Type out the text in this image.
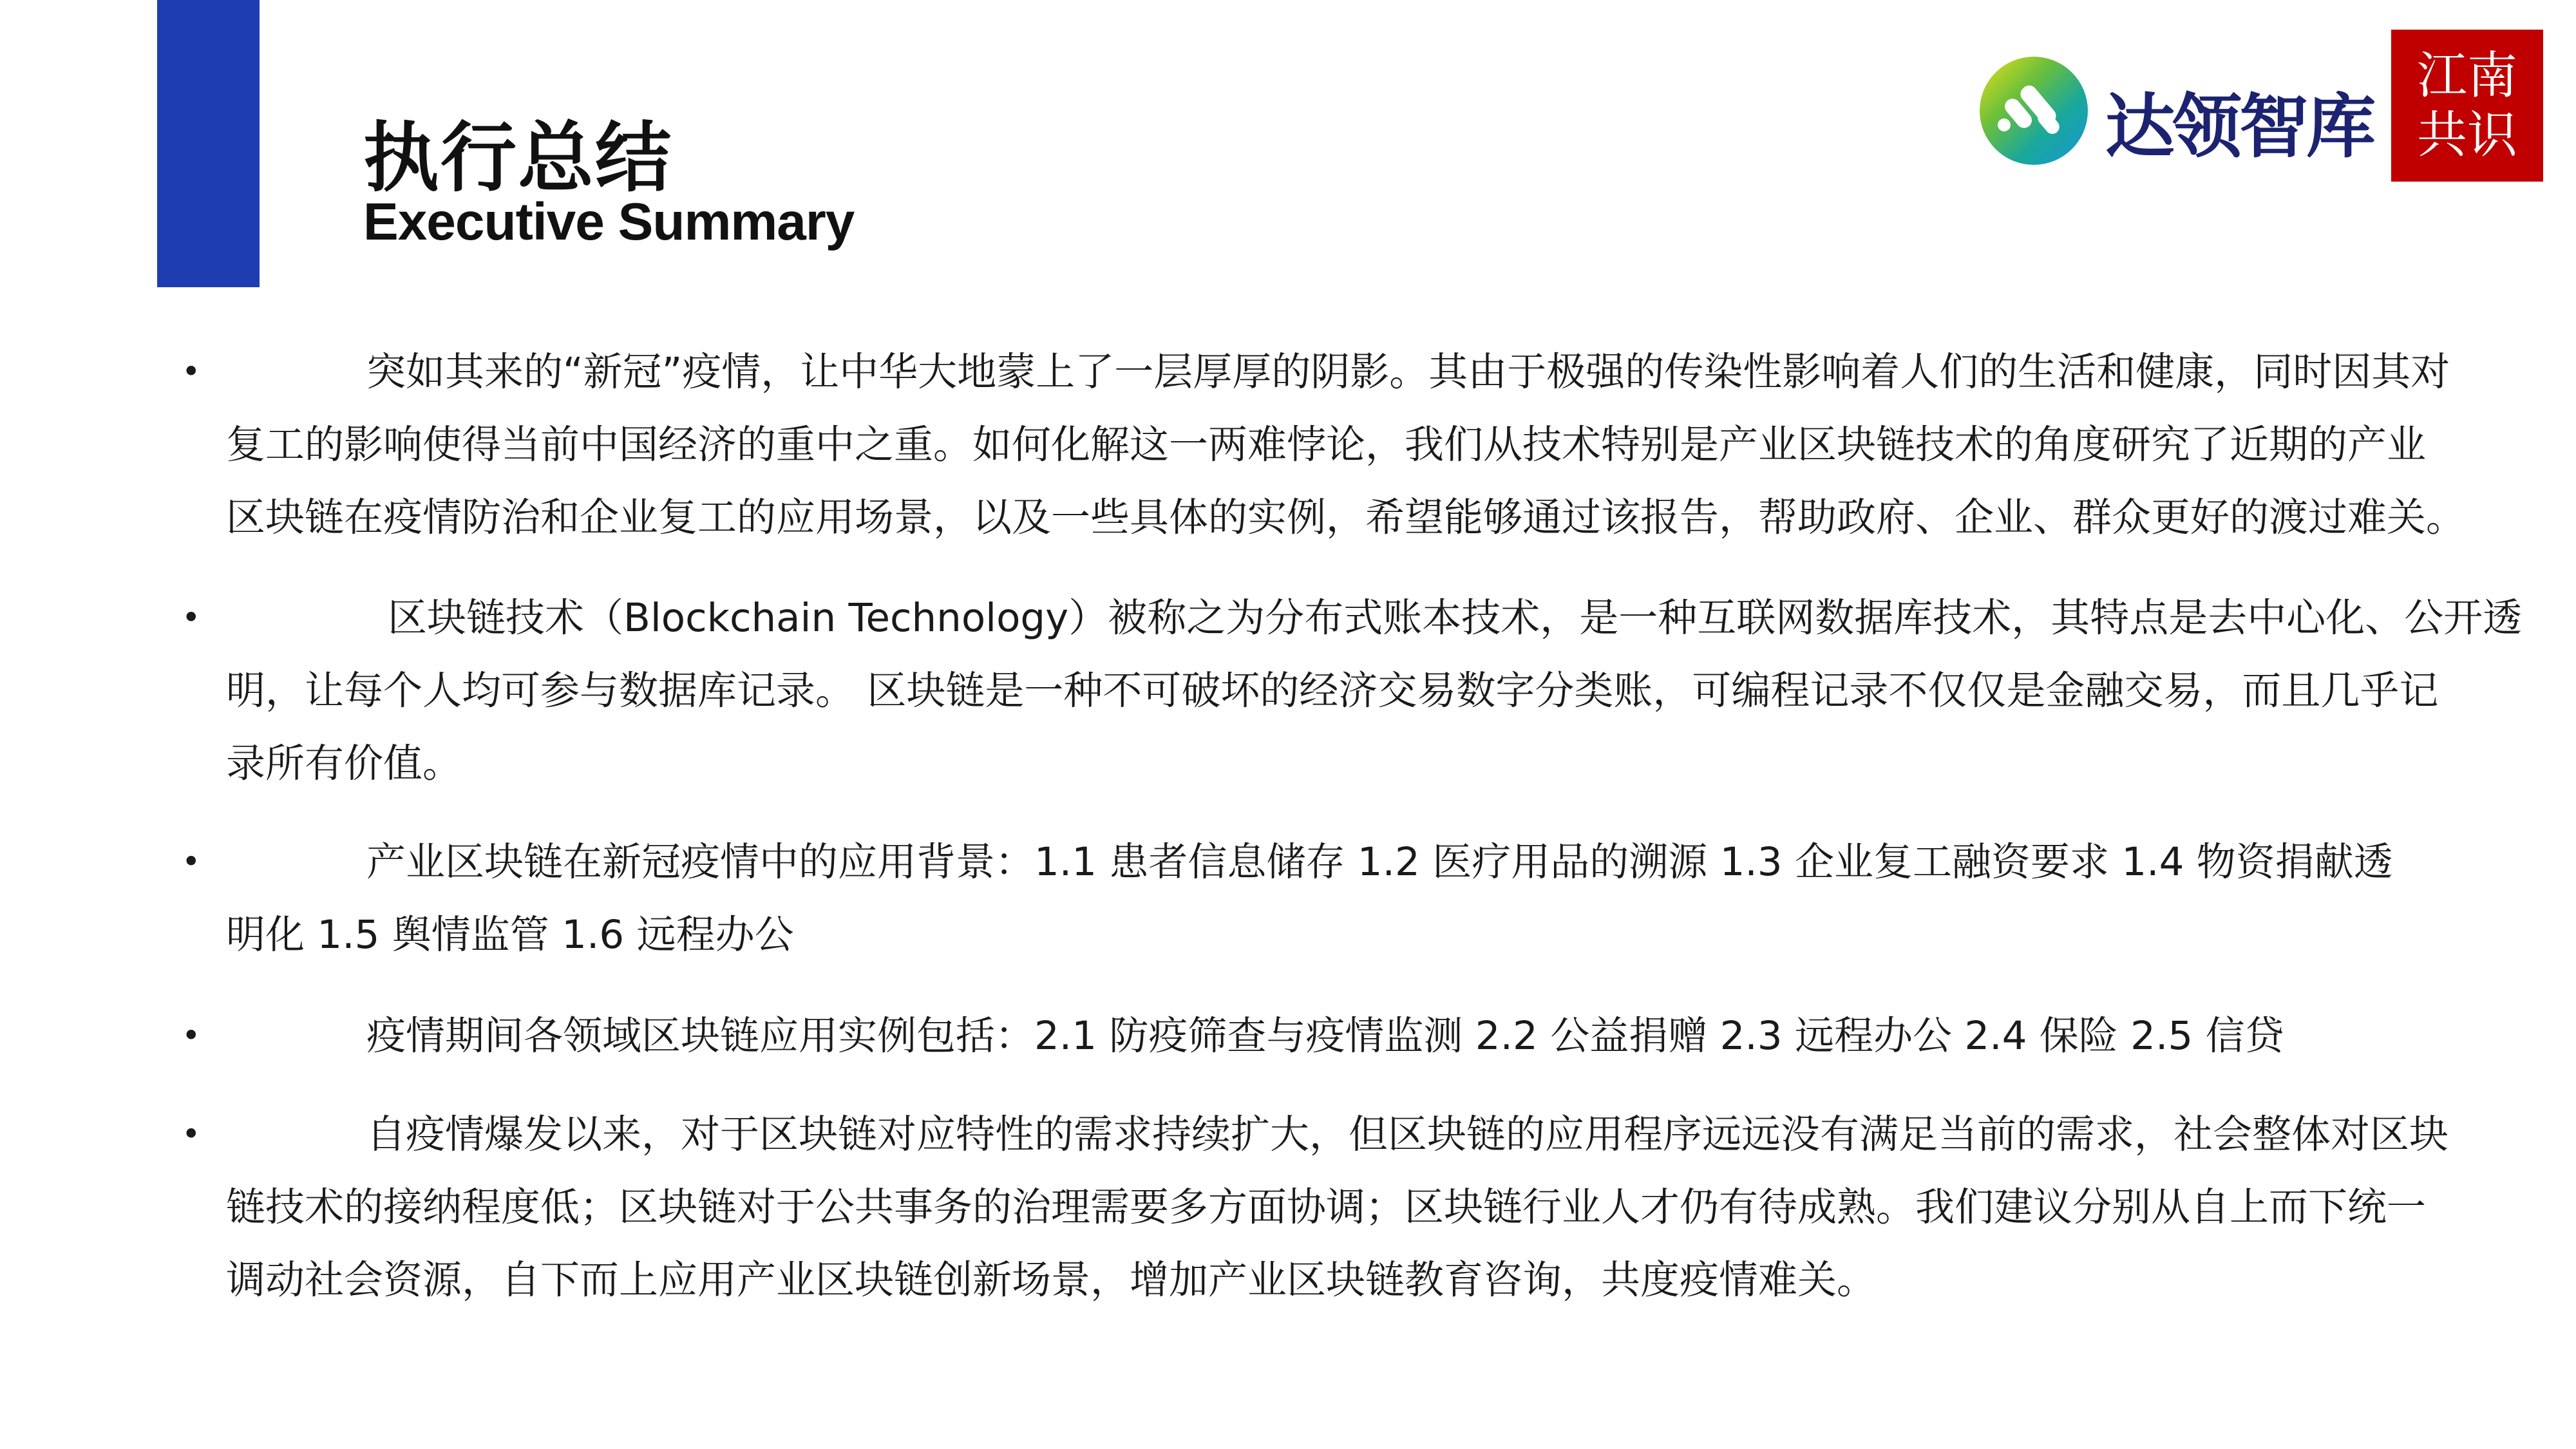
执行总结
Executive Summary
达领智库
江南
共识
•	突如其来的“新冠”疫情，让中华大地蒙上了一层厚厚的阴影。其由于极强的传染性影响着人们的生活和健康，同时因其对
复工的影响使得当前中国经济的重中之重。如何化解这一两难悖论，我们从技术特别是产业区块链技术的角度研究了近期的产业
区块链在疫情防治和企业复工的应用场景，以及一些具体的实例，希望能够通过该报告，帮助政府、企业、群众更好的渡过难关。
•	区块链技术（Blockchain Technology）被称之为分布式账本技术，是一种互联网数据库技术，其特点是去中心化、公开透
明，让每个人均可参与数据库记录。 区块链是一种不可破坏的经济交易数字分类账，可编程记录不仅仅是金融交易，而且几乎记
录所有价值。
•	产业区块链在新冠疫情中的应用背景：1.1 患者信息储存 1.2 医疗用品的溯源 1.3 企业复工融资要求 1.4 物资捐献透
明化 1.5 舆情监管 1.6 远程办公
•	疫情期间各领域区块链应用实例包括：2.1 防疫筛查与疫情监测 2.2 公益捐赠 2.3 远程办公 2.4 保险 2.5 信贷
•	自疫情爆发以来，对于区块链对应特性的需求持续扩大，但区块链的应用程序远远没有满足当前的需求，社会整体对区块
链技术的接纳程度低；区块链对于公共事务的治理需要多方面协调；区块链行业人才仍有待成熟。我们建议分别从自上而下统一
调动社会资源，自下而上应用产业区块链创新场景，增加产业区块链教育咨询，共度疫情难关。
